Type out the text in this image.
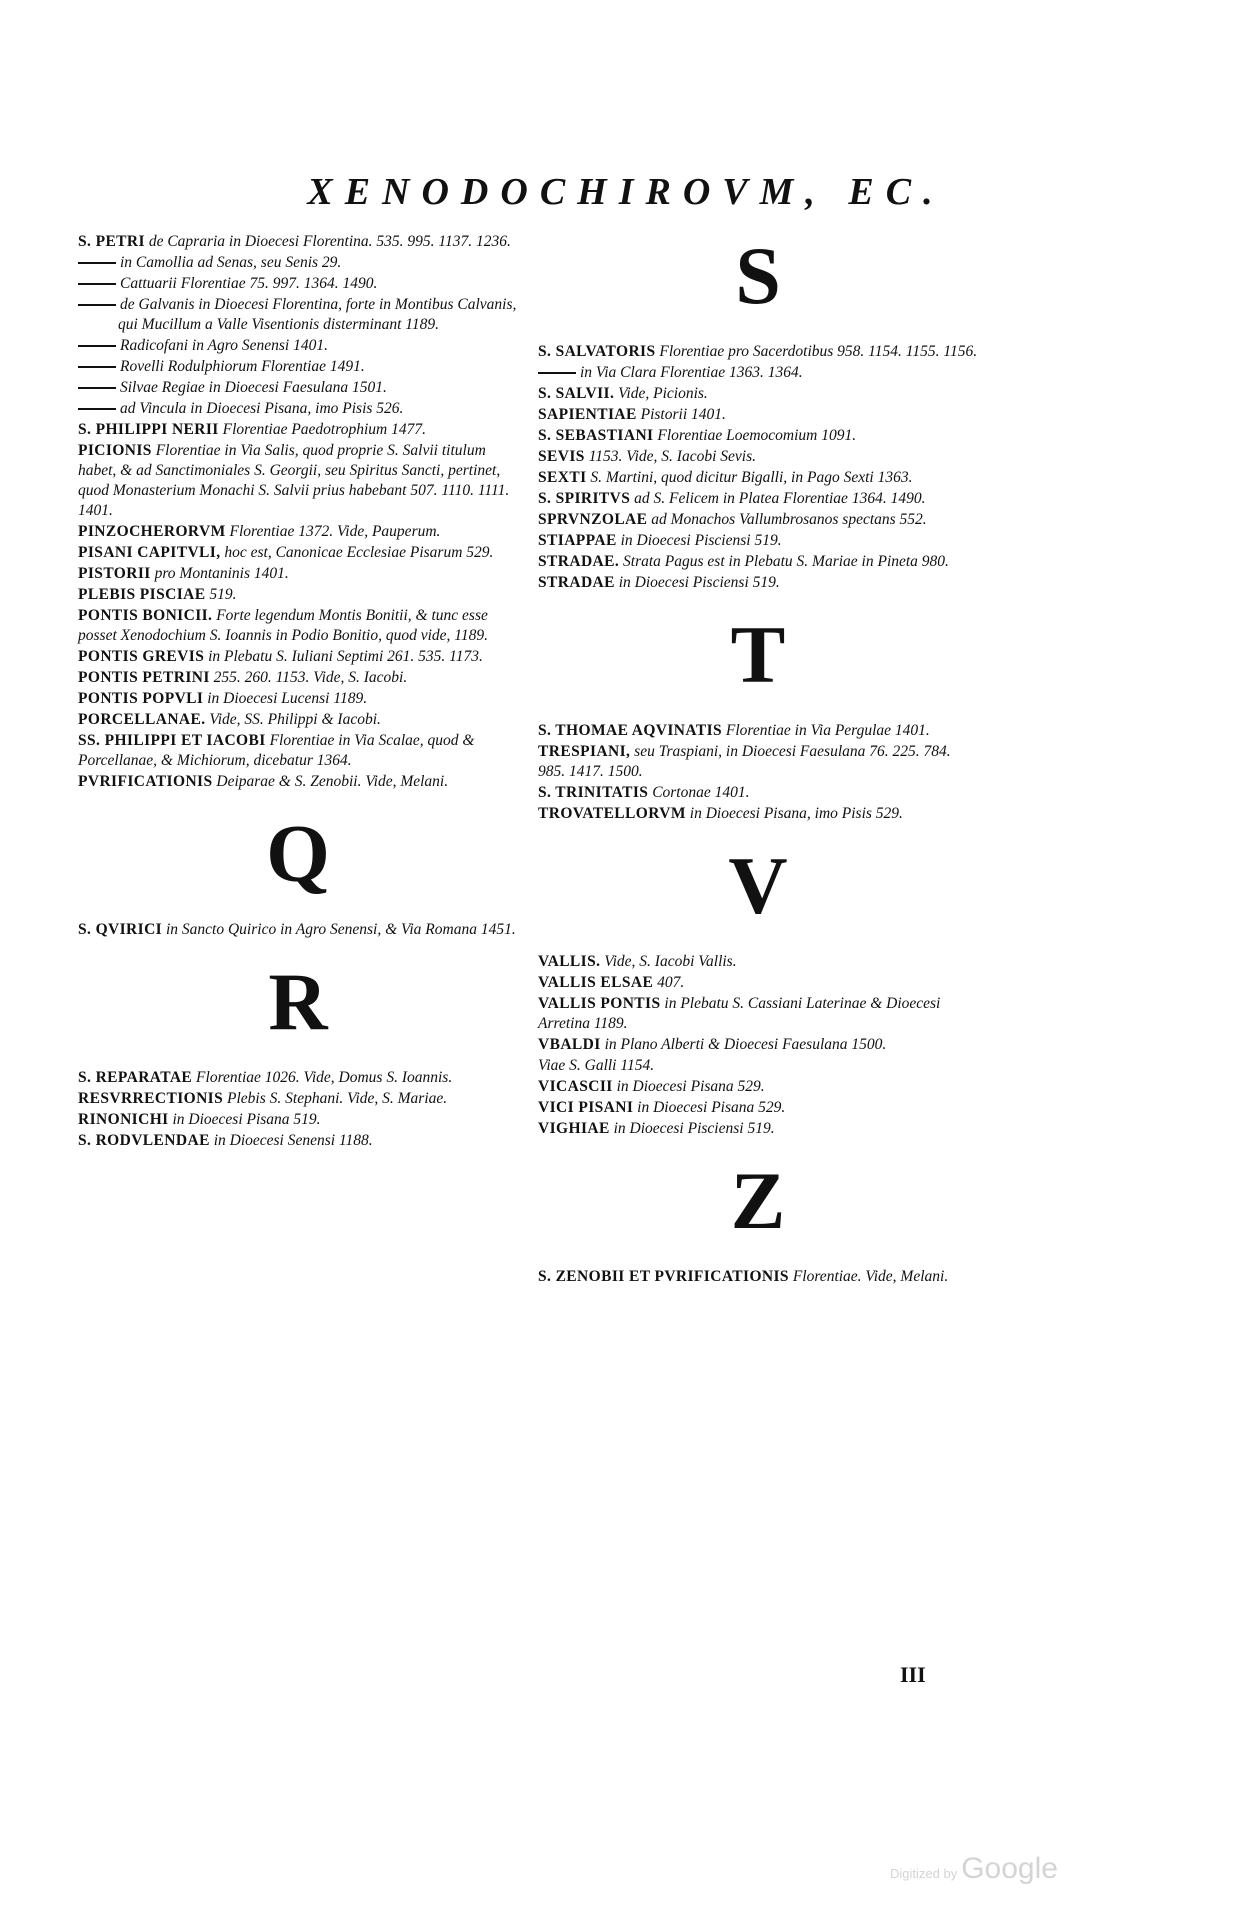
XENODOCHIROVM, EC.
S. PETRI de Capraria in Dioecesi Florentina. 535. 995. 1137. 1236.
in Camollia ad Senas, seu Senis 29.
Cattuarii Florentiae 75. 997. 1364. 1490.
de Galvanis in Dioecesi Florentina, forte in Montibus Calvanis, qui Mucillum a Valle Visentionis disterminant 1189.
Radicofani in Agro Senensi 1401.
Rovelli Rodulphiorum Florentiae 1491.
Silvae Regiae in Dioecesi Faesulana 1501.
ad Vincula in Dioecesi Pisana, imo Pisis 526.
S. PHILIPPI NERII Florentiae Paedotrophium 1477.
PICIONIS Florentiae in Via Salis, quod proprie S. Salvii titulum habet, & ad Sanctimoniales S. Georgii, seu Spiritus Sancti, pertinet, quod Monasterium Monachi S. Salvii prius habebant 507. 1110. 1111. 1401.
PINZOCHERORVM Florentiae 1372. Vide, Pauperum.
PISANI CAPITVLI, hoc est, Canonicae Ecclesiae Pisarum 529.
PISTORII pro Montaninis 1401.
PLEBIS PISCIAE 519.
PONTIS BONICII. Forte legendum Montis Bonitii, & tunc esse posset Xenodochium S. Ioannis in Podio Bonitio, quod vide, 1189.
PONTIS GREVIS in Plebatu S. Iuliani Septimi 261. 535. 1173.
PONTIS PETRINI 255. 260. 1153. Vide, S. Iacobi.
PONTIS POPVLI in Dioecesi Lucensi 1189.
PORCELLANAE. Vide, SS. Philippi & Iacobi.
SS. PHILIPPI ET IACOBI Florentiae in Via Scalae, quod & Porcellanae, & Michiorum, dicebatur 1364.
PVRIFICATIONIS Deiparae & S. Zenobii. Vide, Melani.
Q
S. QVIRICI in Sancto Quirico in Agro Senensi, & Via Romana 1451.
R
S. REPARATAE Florentiae 1026. Vide, Domus S. Ioannis.
RESVRRECTIONIS Plebis S. Stephani. Vide, S. Mariae.
RINONICHI in Dioecesi Pisana 519.
S. RODVLENDAE in Dioecesi Senensi 1188.
S
S. SALVATORIS Florentiae pro Sacerdotibus 958. 1154. 1155. 1156.
in Via Clara Florentiae 1363. 1364.
S. SALVII. Vide, Picionis.
SAPIENTIAE Pistorii 1401.
S. SEBASTIANI Florentiae Loemocomium 1091.
SEVIS 1153. Vide, S. Iacobi Sevis.
SEXTI S. Martini, quod dicitur Bigalli, in Pago Sexti 1363.
S. SPIRITVS ad S. Felicem in Platea Florentiae 1364. 1490.
SPRVNZOLAE ad Monachos Vallumbrosanos spectans 552.
STIAPPAE in Dioecesi Pisciensi 519.
STRADAE. Strata Pagus est in Plebatu S. Mariae in Pineta 980.
STRADAE in Dioecesi Pisciensi 519.
T
S. THOMAE AQVINATIS Florentiae in Via Pergulae 1401.
TRESPIANI, seu Traspiani, in Dioecesi Faesulana 76. 225. 784. 985. 1417. 1500.
S. TRINITATIS Cortonae 1401.
TROVATELLORVM in Dioecesi Pisana, imo Pisis 529.
V
VALLIS. Vide, S. Iacobi Vallis.
VALLIS ELSAE 407.
VALLIS PONTIS in Plebatu S. Cassiani Laterinae & Dioecesi Arretina 1189.
VBALDI in Plano Alberti & Dioecesi Faesulana 1500.
Viae S. Galli 1154.
VICASCII in Dioecesi Pisana 529.
VICI PISANI in Dioecesi Pisana 529.
VIGHIAE in Dioecesi Pisciensi 519.
Z
S. ZENOBII ET PVRIFICATIONIS Florentiae. Vide, Melani.
III
Digitized by Google
